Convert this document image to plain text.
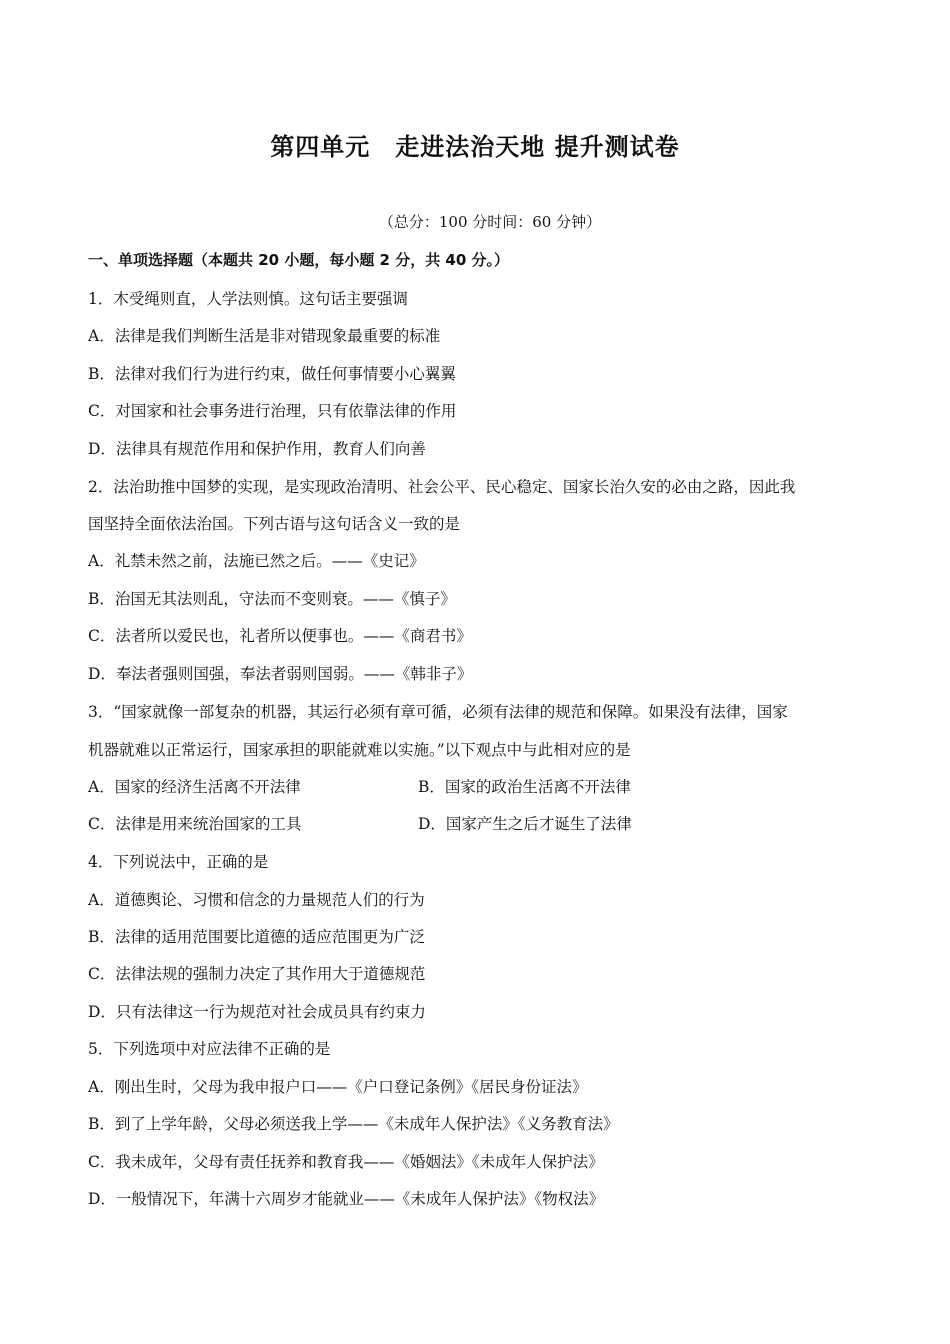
第四单元　走进法治天地 提升测试卷
（总分：100 分时间：60 分钟）
一、单项选择题（本题共 20 小题，每小题 2 分，共 40 分。）
1．木受绳则直，人学法则慎。这句话主要强调
A．法律是我们判断生活是非对错现象最重要的标准
B．法律对我们行为进行约束，做任何事情要小心翼翼
C．对国家和社会事务进行治理，只有依靠法律的作用
D．法律具有规范作用和保护作用，教育人们向善
2．法治助推中国梦的实现，是实现政治清明、社会公平、民心稳定、国家长治久安的必由之路，因此我
国坚持全面依法治国。下列古语与这句话含义一致的是
A．礼禁未然之前，法施已然之后。——《史记》
B．治国无其法则乱，守法而不变则衰。——《慎子》
C．法者所以爱民也，礼者所以便事也。——《商君书》
D．奉法者强则国强，奉法者弱则国弱。——《韩非子》
3．“国家就像一部复杂的机器，其运行必须有章可循，必须有法律的规范和保障。如果没有法律，国家
机器就难以正常运行，国家承担的职能就难以实施。”以下观点中与此相对应的是
A．国家的经济生活离不开法律	B．国家的政治生活离不开法律
C．法律是用来统治国家的工具	D．国家产生之后才诞生了法律
4．下列说法中，正确的是
A．道德舆论、习惯和信念的力量规范人们的行为
B．法律的适用范围要比道德的适应范围更为广泛
C．法律法规的强制力决定了其作用大于道德规范
D．只有法律这一行为规范对社会成员具有约束力
5．下列选项中对应法律不正确的是
A．刚出生时，父母为我申报户口——《户口登记条例》《居民身份证法》
B．到了上学年龄，父母必须送我上学——《未成年人保护法》《义务教育法》
C．我未成年，父母有责任抚养和教育我——《婚姻法》《未成年人保护法》
D．一般情况下，年满十六周岁才能就业——《未成年人保护法》《物权法》
